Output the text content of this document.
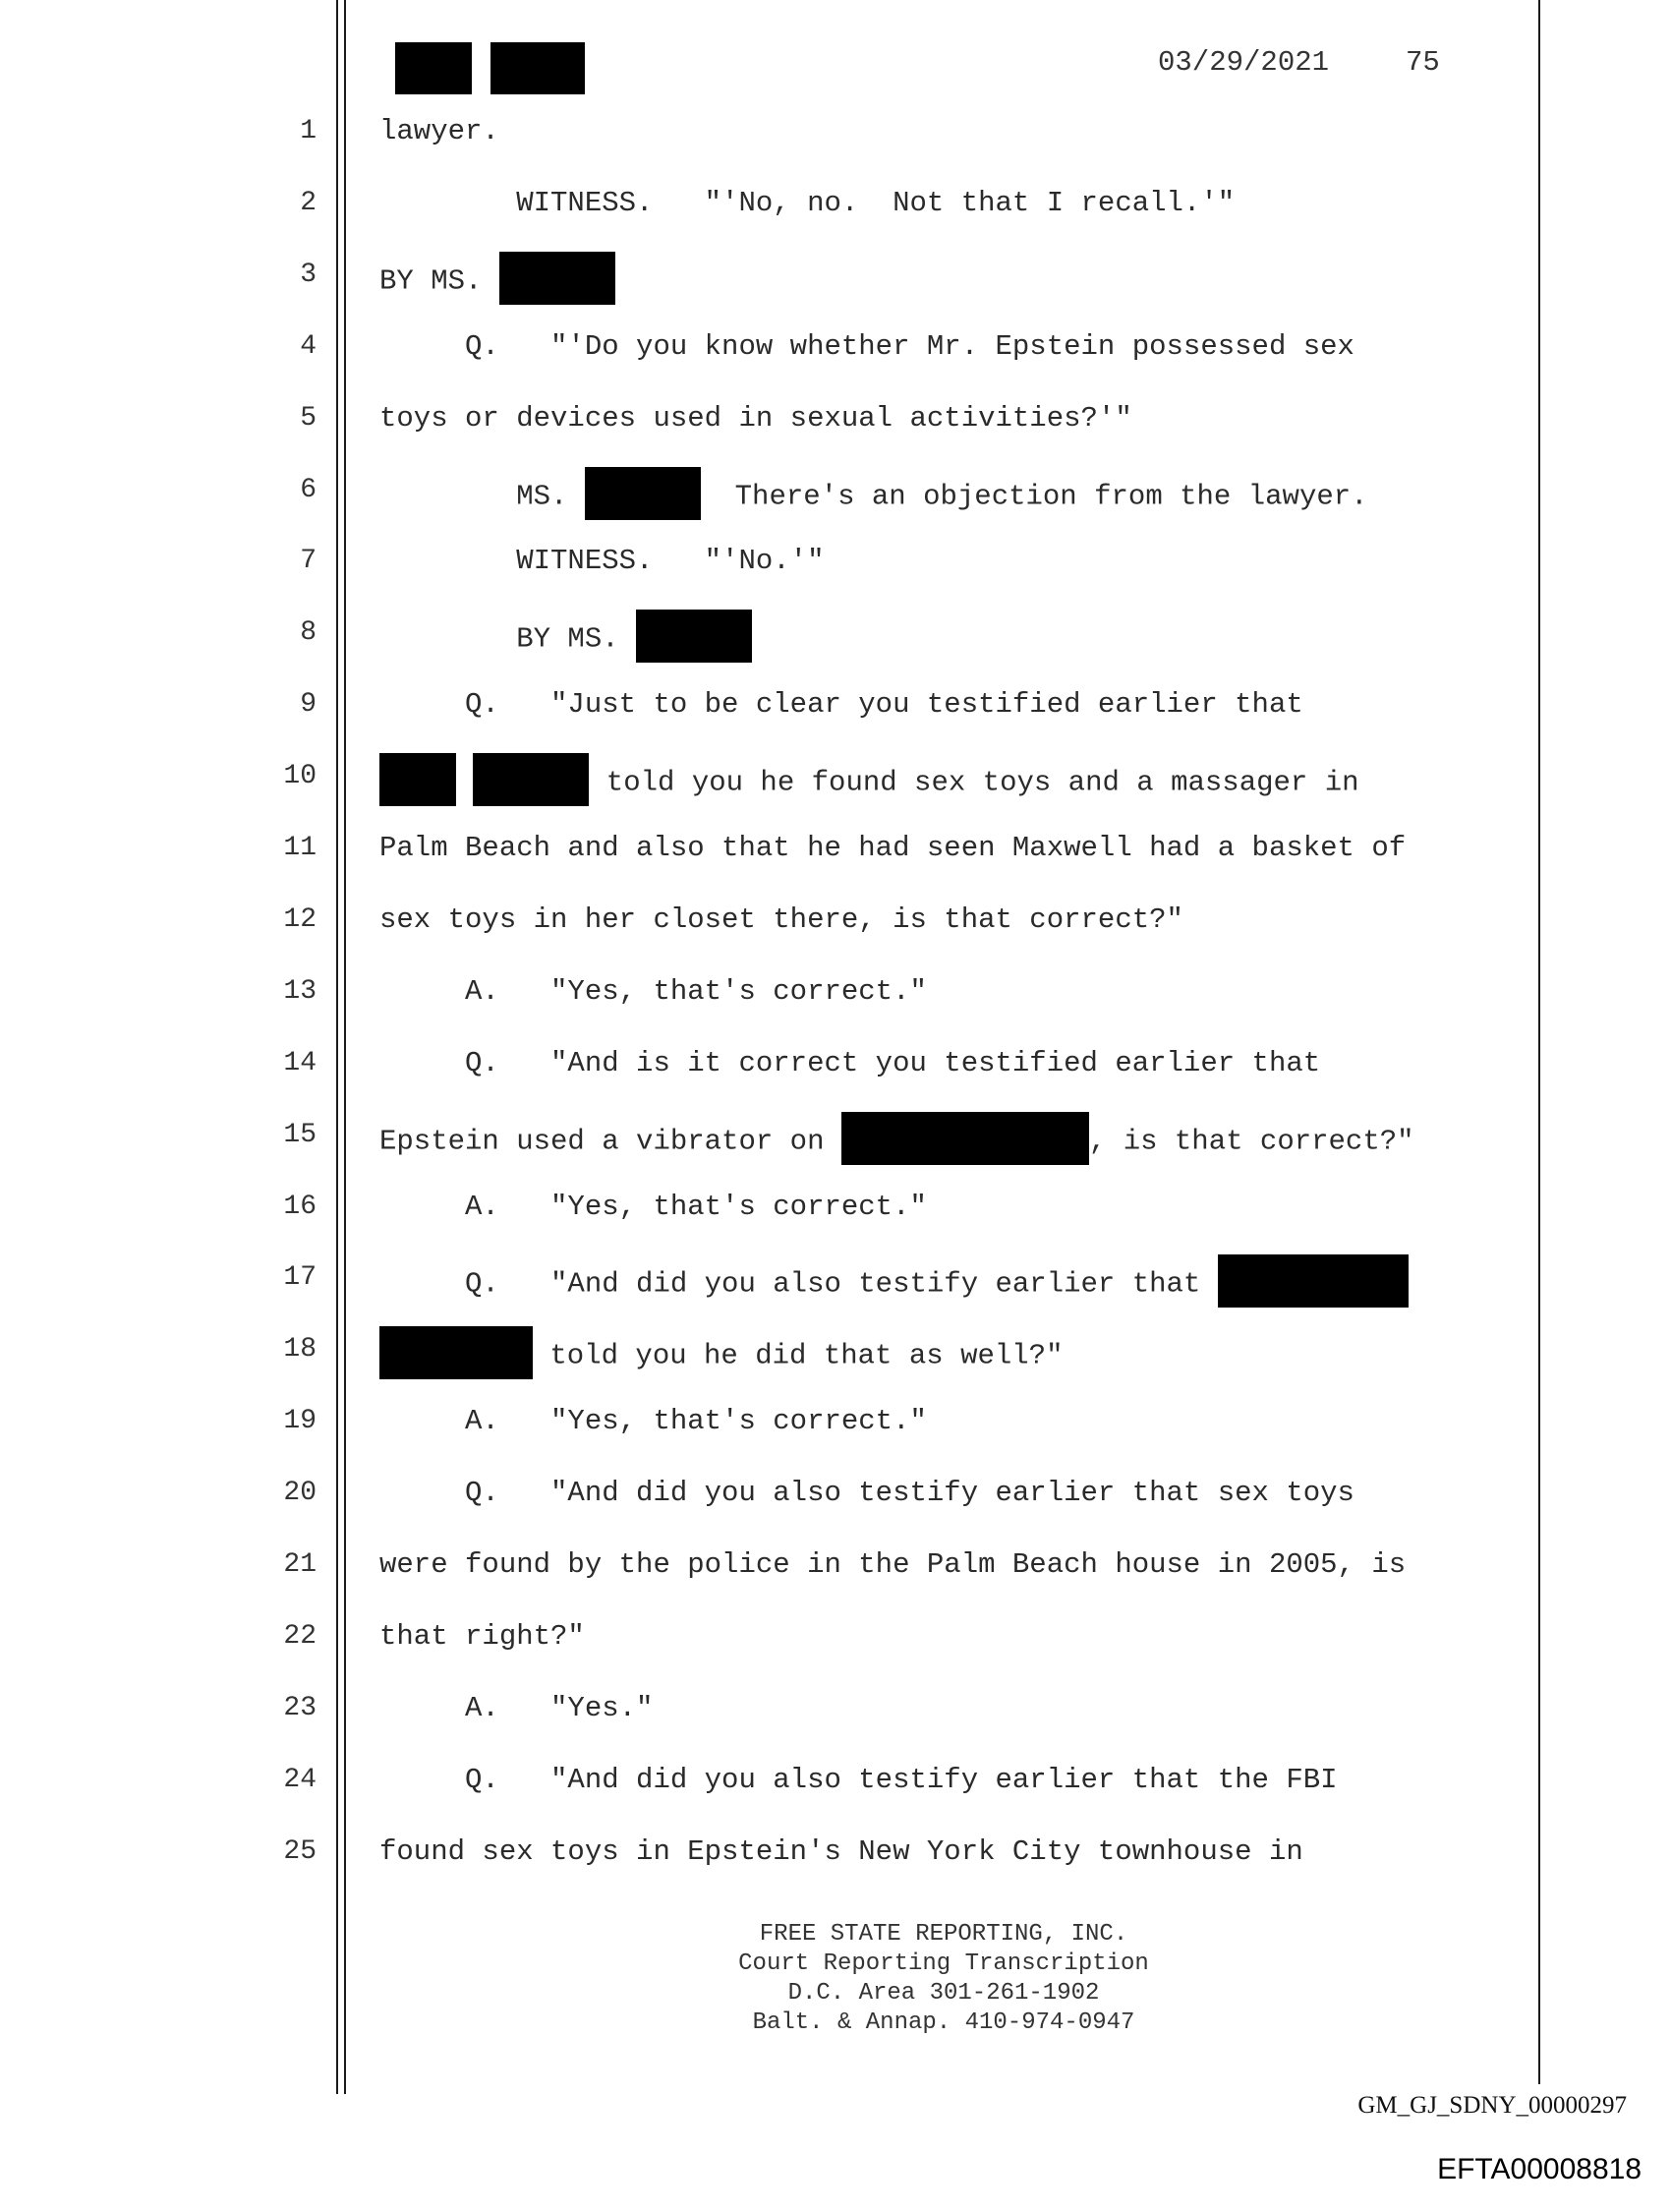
03/29/2021	75
1 lawyer.
2 WITNESS.   "'No, no.  Not that I recall.'"
3 BY MS.
4 Q.   "'Do you know whether Mr. Epstein possessed sex
5 toys or devices used in sexual activities?'"
6 MS.	There's an objection from the lawyer.
7 WITNESS.   "'No.'"
8 BY MS.
9 Q.   "Just to be clear you testified earlier that
10	told you he found sex toys and a massager in
11 Palm Beach and also that he had seen Maxwell had a basket of
12 sex toys in her closet there, is that correct?"
13 A.   "Yes, that's correct."
14 Q.   "And is it correct you testified earlier that
15 Epstein used a vibrator on	, is that correct?"
16 A.   "Yes, that's correct."
17 Q.   "And did you also testify earlier that
18	told you he did that as well?"
19 A.   "Yes, that's correct."
20 Q.   "And did you also testify earlier that sex toys
21 were found by the police in the Palm Beach house in 2005, is
22 that right?"
23 A.   "Yes."
24 Q.   "And did you also testify earlier that the FBI
25 found sex toys in Epstein's New York City townhouse in
FREE STATE REPORTING, INC.
Court Reporting Transcription
D.C. Area 301-261-1902
Balt. & Annap. 410-974-0947
GM_GJ_SDNY_00000297
EFTA00008818
